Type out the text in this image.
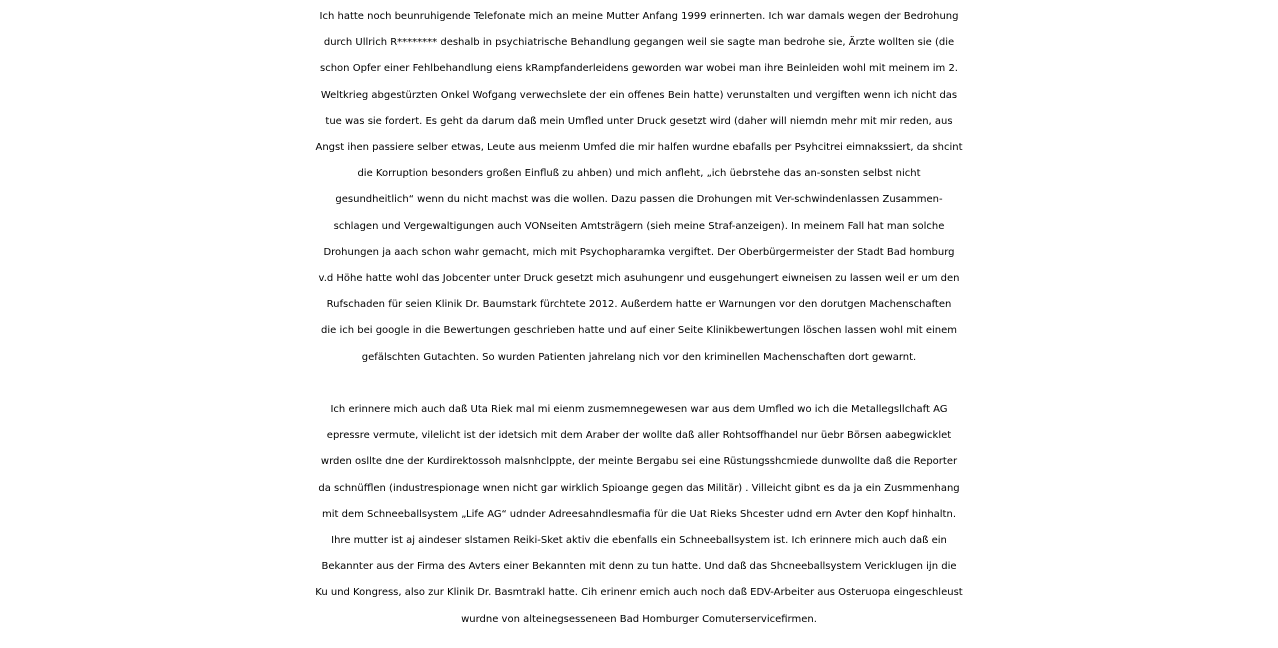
Ich hatte noch beunruhigende Telefonate mich an meine Mutter Anfang 1999 erinnerten. Ich war damals wegen der Bedrohung
durch Ullrich R******** deshalb in psychiatrische Behandlung gegangen weil sie sagte man bedrohe sie, Ärzte wollten sie (die
schon Opfer einer Fehlbehandlung eiens kRampfanderleidens geworden war wobei man ihre Beinleiden wohl mit meinem im 2.
Weltkrieg abgestürzten Onkel Wofgang verwechslete der ein offenes Bein hatte) verunstalten und vergiften wenn ich nicht das
tue was sie fordert. Es geht da darum daß mein Umfled unter Druck gesetzt wird (daher will niemdn mehr mit mir reden, aus
Angst ihen passiere selber etwas, Leute aus meienm Umfed die mir halfen wurdne ebafalls per Psyhcitrei eimnakssiert, da shcint
die Korruption besonders großen Einfluß zu ahben) und mich anfleht, „ich üebrstehe das an-sonsten selbst nicht
gesundheitlich“ wenn du nicht machst was die wollen. Dazu passen die Drohungen mit Ver-schwindenlassen Zusammen-
schlagen und Vergewaltigungen auch VONseiten Amtsträgern (sieh meine Straf-anzeigen). In meinem Fall hat man solche
Drohungen ja aach schon wahr gemacht, mich mit Psychopharamka vergiftet. Der Oberbürgermeister der Stadt Bad homburg
v.d Höhe hatte wohl das Jobcenter unter Druck gesetzt mich asuhungenr und eusgehungert eiwneisen zu lassen weil er um den
Rufschaden für seien Klinik Dr. Baumstark fürchtete 2012. Außerdem hatte er Warnungen vor den dorutgen Machenschaften
die ich bei google in die Bewertungen geschrieben hatte und auf einer Seite Klinikbewertungen löschen lassen wohl mit einem
gefälschten Gutachten. So wurden Patienten jahrelang nich vor den kriminellen Machenschaften dort gewarnt.
Ich erinnere mich auch daß Uta Riek mal mi eienm zusmemnegewesen war aus dem Umfled wo ich die Metallegsllchaft AG
epressre vermute, vilelicht ist der idetsich mit dem Araber der wollte daß aller Rohtsoffhandel nur üebr Börsen aabegwicklet
wrden osllte dne der Kurdirektossoh malsnhclppte, der meinte Bergabu sei eine Rüstungsshcmiede dunwollte daß die Reporter
da schnüfflen (industrespionage wnen nicht gar wirklich Spioange gegen das Militär) . Villeicht gibnt es da ja ein Zusmmenhang
mit dem Schneeballsystem „Life AG“ udnder Adreesahndlesmafia für die Uat Rieks Shcester udnd ern Avter den Kopf hinhaltn.
Ihre mutter ist aj aindeser slstamen Reiki-Sket aktiv die ebenfalls ein Schneeballsystem ist. Ich erinnere mich auch daß ein
Bekannter aus der Firma des Avters einer Bekannten mit denn zu tun hatte. Und daß das Shcneeballsystem Vericklugen ijn die
Ku und Kongress, also zur Klinik Dr. Basmtrakl hatte. Cih erinenr emich auch noch daß EDV-Arbeiter aus Osteruopa eingeschleust
wurdne von alteinegsesseneen Bad Homburger Comuterservicefirmen.
